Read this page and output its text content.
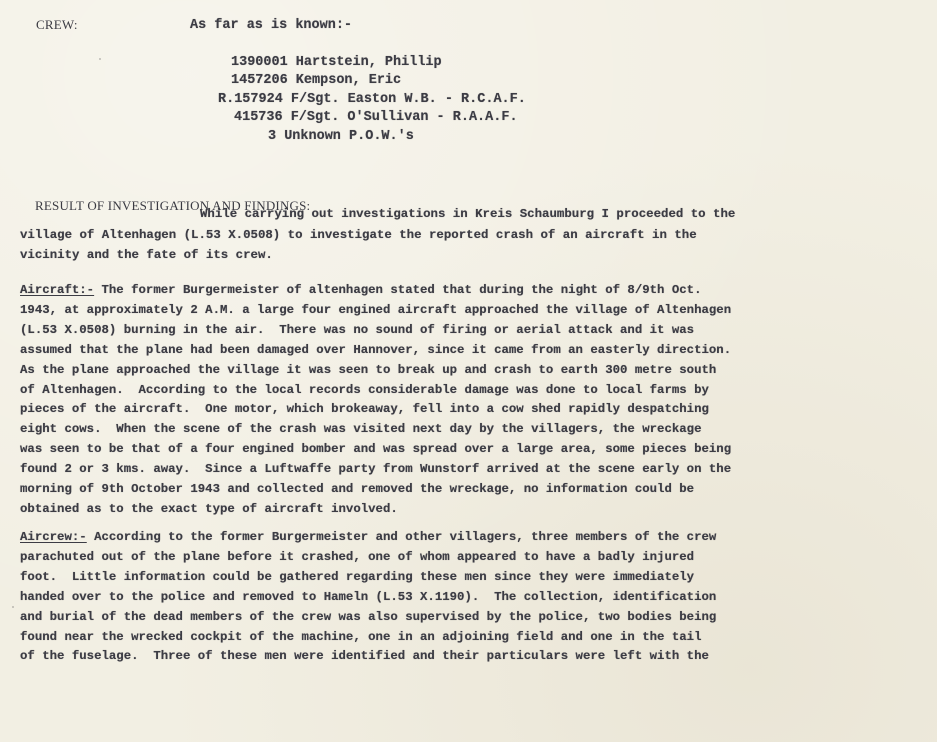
CREW:	As far as is known:-
1390001 Hartstein, Phillip
1457206 Kempson, Eric
R.157924 F/Sgt. Easton W.B. - R.C.A.F.
415736 F/Sgt. O'Sullivan - R.A.A.F.
3 Unknown P.O.W.'s
RESULT OF INVESTIGATION AND FINDINGS:
While carrying out investigations in Kreis Schaumburg I proceeded to the
village of Altenhagen (L.53 X.0508) to investigate the reported crash of an aircraft in the
vicinity and the fate of its crew.
Aircraft:- The former Burgermeister of altenhagen stated that during the night of 8/9th Oct.
1943, at approximately 2 A.M. a large four engined aircraft approached the village of Altenhagen
(L.53 X.0508) burning in the air.  There was no sound of firing or aerial attack and it was
assumed that the plane had been damaged over Hannover, since it came from an easterly direction.
As the plane approached the village it was seen to break up and crash to earth 300 metre south
of Altenhagen.  According to the local records considerable damage was done to local farms by
pieces of the aircraft.  One motor, which brokeaway, fell into a cow shed rapidly despatching
eight cows.  When the scene of the crash was visited next day by the villagers, the wreckage
was seen to be that of a four engined bomber and was spread over a large area, some pieces being
found 2 or 3 kms. away.  Since a Luftwaffe party from Wunstorf arrived at the scene early on the
morning of 9th October 1943 and collected and removed the wreckage, no information could be
obtained as to the exact type of aircraft involved.
Aircrew:- According to the former Burgermeister and other villagers, three members of the crew
parachuted out of the plane before it crashed, one of whom appeared to have a badly injured
foot.  Little information could be gathered regarding these men since they were immediately
handed over to the police and removed to Hameln (L.53 X.1190).  The collection, identification
and burial of the dead members of the crew was also supervised by the police, two bodies being
found near the wrecked cockpit of the machine, one in an adjoining field and one in the tail
of the fuselage.  Three of these men were identified and their particulars were left with the
